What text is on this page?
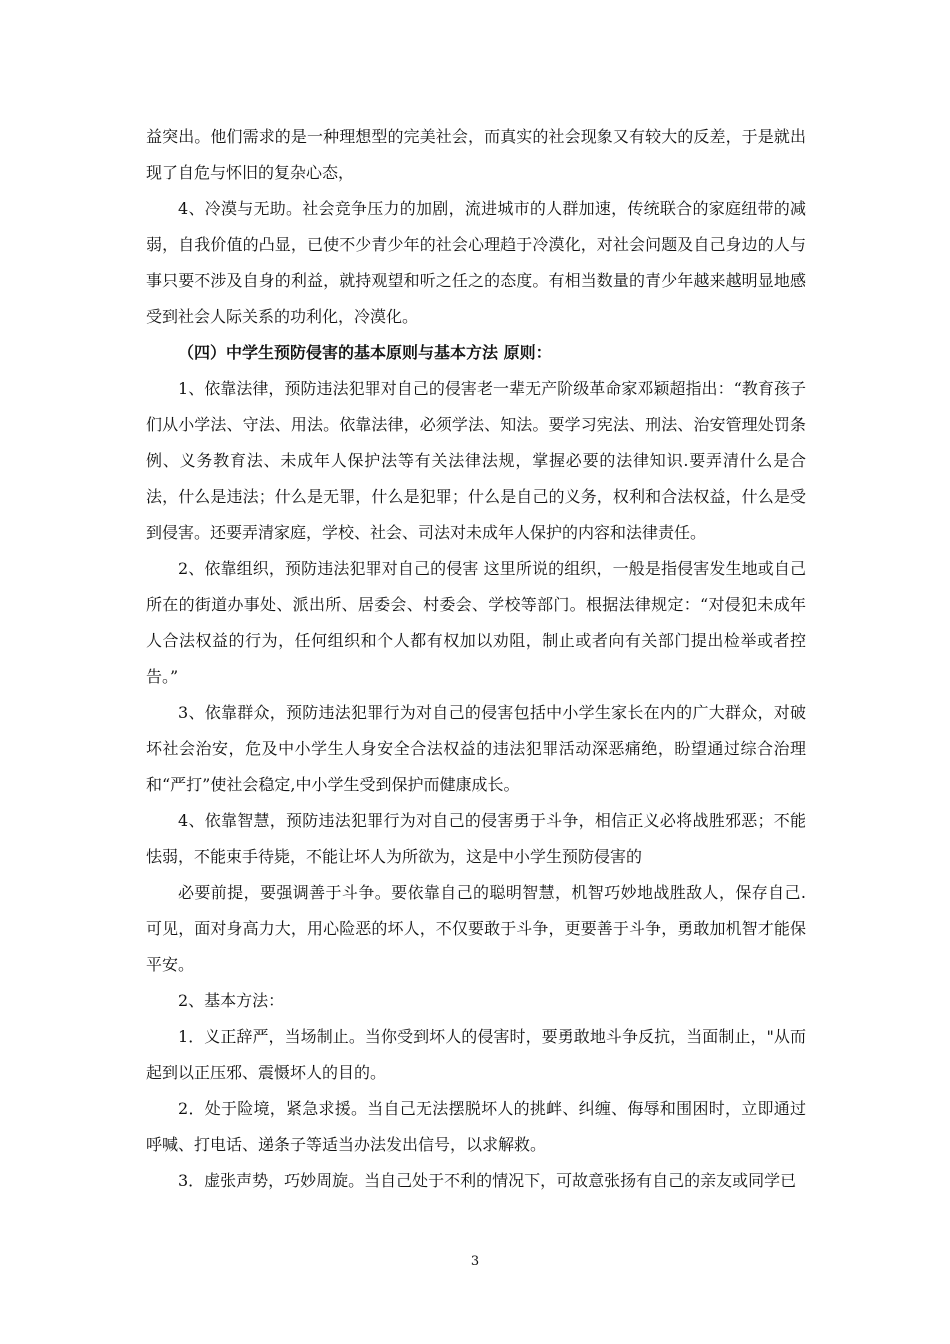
益突出。他们需求的是一种理想型的完美社会，而真实的社会现象又有较大的反差，于是就出现了自危与怀旧的复杂心态，

4、冷漠与无助。社会竞争压力的加剧，流进城市的人群加速，传统联合的家庭纽带的减弱，自我价值的凸显，已使不少青少年的社会心理趋于冷漠化，对社会问题及自己身边的人与事只要不涉及自身的利益，就持观望和听之任之的态度。有相当数量的青少年越来越明显地感受到社会人际关系的功利化，冷漠化。

（四）中学生预防侵害的基本原则与基本方法 原则：

1、依靠法律，预防违法犯罪对自己的侵害老一辈无产阶级革命家邓颖超指出：“教育孩子们从小学法、守法、用法。依靠法律，必须学法、知法。要学习宪法、刑法、治安管理处罚条例、义务教育法、未成年人保护法等有关法律法规，掌握必要的法律知识.要弄清什么是合法，什么是违法；什么是无罪，什么是犯罪；什么是自己的义务，权利和合法权益，什么是受到侵害。还要弄清家庭，学校、社会、司法对未成年人保护的内容和法律责任。

2、依靠组织，预防违法犯罪对自己的侵害 这里所说的组织，一般是指侵害发生地或自己所在的街道办事处、派出所、居委会、村委会、学校等部门。根据法律规定：“对侵犯未成年人合法权益的行为，任何组织和个人都有权加以劝阻，制止或者向有关部门提出检举或者控告。”

3、依靠群众，预防违法犯罪行为对自己的侵害包括中小学生家长在内的广大群众，对破坏社会治安，危及中小学生人身安全合法权益的违法犯罪活动深恶痛绝，盼望通过综合治理和“严打”使社会稳定,中小学生受到保护而健康成长。

4、依靠智慧，预防违法犯罪行为对自己的侵害勇于斗争，相信正义必将战胜邪恶；不能怯弱，不能束手待毙，不能让坏人为所欲为，这是中小学生预防侵害的

必要前提，要强调善于斗争。要依靠自己的聪明智慧，机智巧妙地战胜敌人，保存自己.可见，面对身高力大，用心险恶的坏人，不仅要敢于斗争，更要善于斗争，勇敢加机智才能保平安。

2、基本方法：

1．义正辞严，当场制止。当你受到坏人的侵害时，要勇敢地斗争反抗，当面制止，"从而起到以正压邪、震慑坏人的目的。

2．处于险境，紧急求援。当自己无法摆脱坏人的挑衅、纠缠、侮辱和围困时，立即通过呼喊、打电话、递条子等适当办法发出信号，以求解救。

3．虚张声势，巧妙周旋。当自己处于不利的情况下，可故意张扬有自己的亲友或同学已

3
